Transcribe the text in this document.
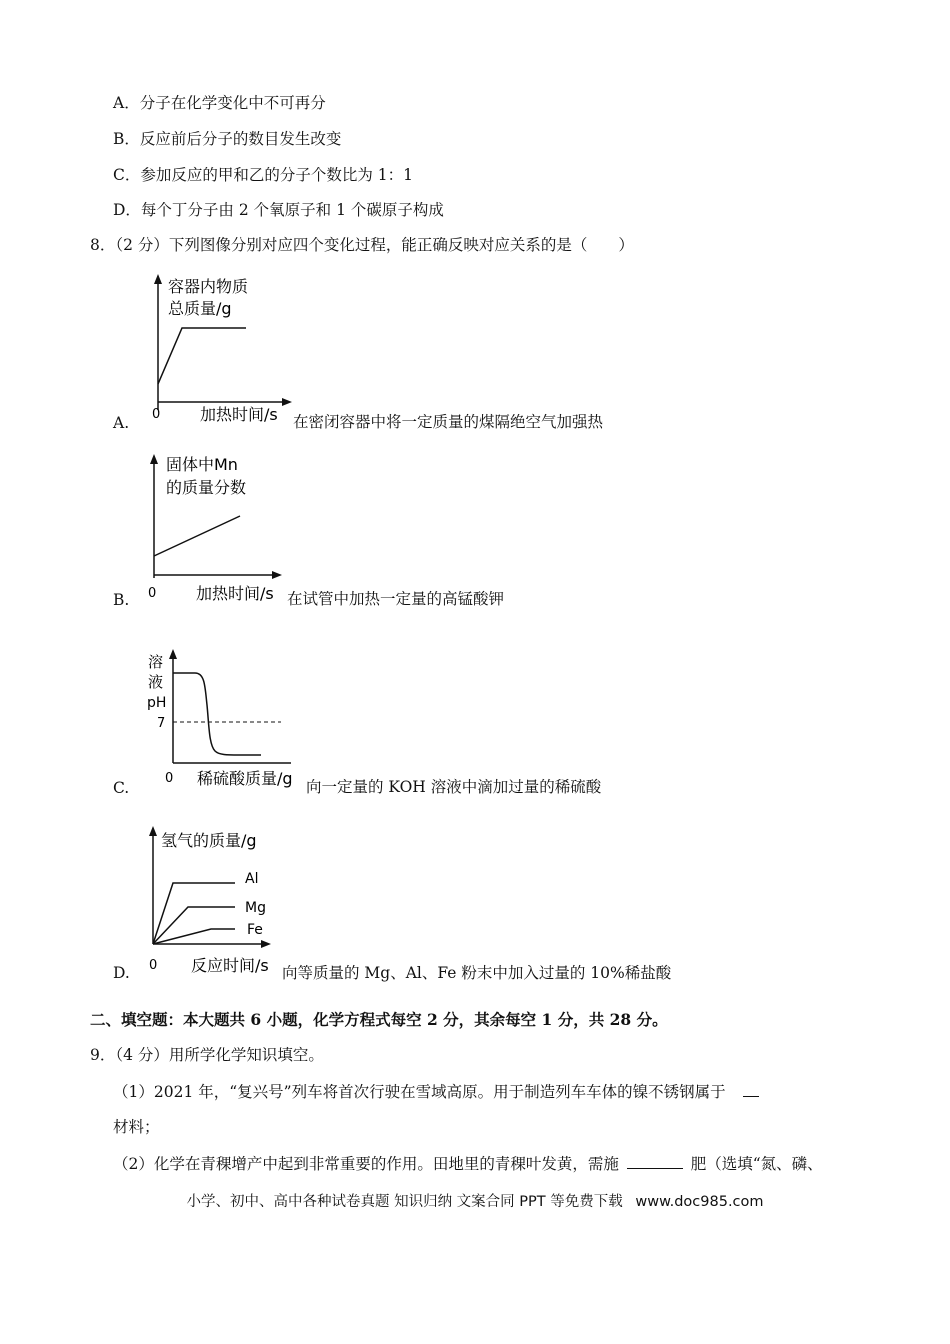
A．分子在化学变化中不可再分
B．反应前后分子的数目发生改变
C．参加反应的甲和乙的分子个数比为 1：1
D．每个丁分子由 2 个氧原子和 1 个碳原子构成
8．（2 分）下列图像分别对应四个变化过程，能正确反映对应关系的是（　　）
A.
容器内物质
总质量/g
0 加热时间/s 在密闭容器中将一定质量的煤隔绝空气加强热
B.
固体中Mn
的质量分数
0 加热时间/s 在试管中加热一定量的高锰酸钾
C.
溶
液
pH
7
0 稀硫酸质量/g 向一定量的 KOH 溶液中滴加过量的稀硫酸
D.
氢气的质量/g
Al
Mg
Fe
0 反应时间/s 向等质量的 Mg、Al、Fe 粉末中加入过量的 10%稀盐酸
二、填空题：本大题共 6 小题，化学方程式每空 2 分，其余每空 1 分，共 28 分。
9．（4 分）用所学化学知识填空。
（1）2021 年，“复兴号”列车将首次行驶在雪域高原。用于制造列车车体的镍不锈钢属于
材料；
（2）化学在青稞增产中起到非常重要的作用。田地里的青稞叶发黄，需施	肥（选填“氮、磷、
小学、初中、高中各种试卷真题 知识归纳 文案合同 PPT 等免费下载 www.doc985.com
